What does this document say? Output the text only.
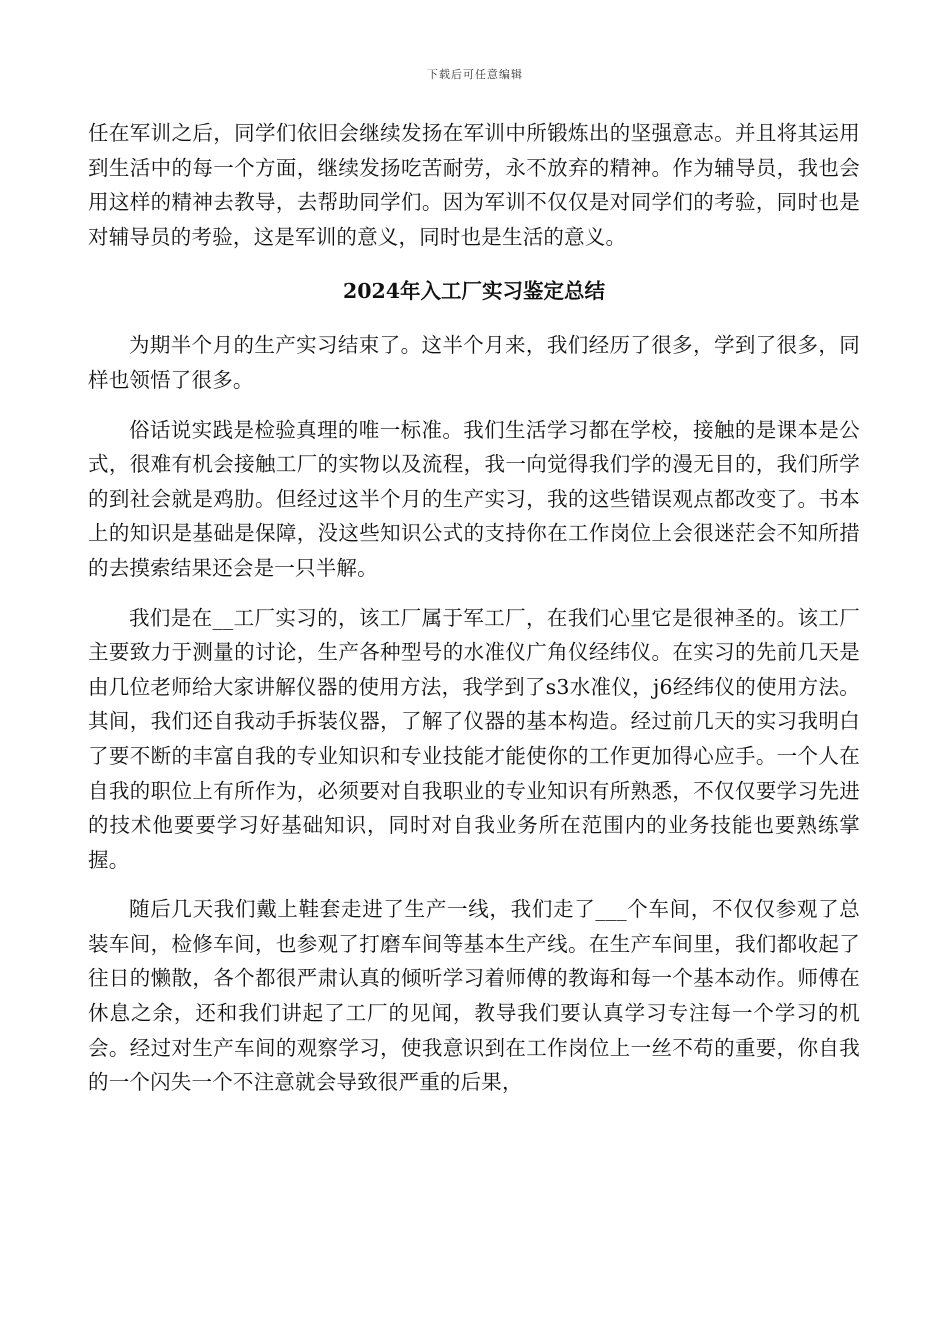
下载后可任意编辑

任在军训之后，同学们依旧会继续发扬在军训中所锻炼出的坚强意志。并且将其运用到生活中的每一个方面，继续发扬吃苦耐劳，永不放弃的精神。作为辅导员，我也会用这样的精神去教导，去帮助同学们。因为军训不仅仅是对同学们的考验，同时也是对辅导员的考验，这是军训的意义，同时也是生活的意义。

2024年入工厂实习鉴定总结

为期半个月的生产实习结束了。这半个月来，我们经历了很多，学到了很多，同样也领悟了很多。

俗话说实践是检验真理的唯一标准。我们生活学习都在学校，接触的是课本是公式，很难有机会接触工厂的实物以及流程，我一向觉得我们学的漫无目的，我们所学的到社会就是鸡肋。但经过这半个月的生产实习，我的这些错误观点都改变了。书本上的知识是基础是保障，没这些知识公式的支持你在工作岗位上会很迷茫会不知所措的去摸索结果还会是一只半解。

我们是在__工厂实习的，该工厂属于军工厂，在我们心里它是很神圣的。该工厂主要致力于测量的讨论，生产各种型号的水准仪广角仪经纬仪。在实习的先前几天是由几位老师给大家讲解仪器的使用方法，我学到了s3水准仪，j6经纬仪的使用方法。其间，我们还自我动手拆装仪器，了解了仪器的基本构造。经过前几天的实习我明白了要不断的丰富自我的专业知识和专业技能才能使你的工作更加得心应手。一个人在自我的职位上有所作为，必须要对自我职业的专业知识有所熟悉，不仅仅要学习先进的技术他要要学习好基础知识，同时对自我业务所在范围内的业务技能也要熟练掌握。

随后几天我们戴上鞋套走进了生产一线，我们走了___个车间，不仅仅参观了总装车间，检修车间，也参观了打磨车间等基本生产线。在生产车间里，我们都收起了往日的懒散，各个都很严肃认真的倾听学习着师傅的教诲和每一个基本动作。师傅在休息之余，还和我们讲起了工厂的见闻，教导我们要认真学习专注每一个学习的机会。经过对生产车间的观察学习，使我意识到在工作岗位上一丝不苟的重要，你自我的一个闪失一个不注意就会导致很严重的后果，
